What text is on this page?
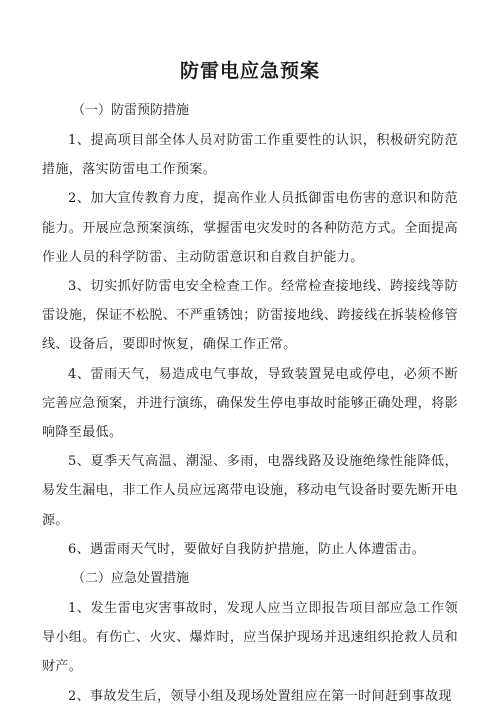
防雷电应急预案

（一）防雷预防措施

1、提高项目部全体人员对防雷工作重要性的认识，积极研究防范措施，落实防雷电工作预案。

2、加大宣传教育力度，提高作业人员抵御雷电伤害的意识和防范能力。开展应急预案演练，掌握雷电灾发时的各种防范方式。全面提高作业人员的科学防雷、主动防雷意识和自救自护能力。

3、切实抓好防雷电安全检查工作。经常检查接地线、跨接线等防雷设施，保证不松脱、不严重锈蚀；防雷接地线、跨接线在拆装检修管线、设备后，要即时恢复，确保工作正常。

4、雷雨天气，易造成电气事故，导致装置晃电或停电，必须不断完善应急预案，并进行演练，确保发生停电事故时能够正确处理，将影响降至最低。

5、夏季天气高温、潮湿、多雨，电器线路及设施绝缘性能降低，易发生漏电，非工作人员应远离带电设施，移动电气设备时要先断开电源。

6、遇雷雨天气时，要做好自我防护措施，防止人体遭雷击。

（二）应急处置措施

1、发生雷电灾害事故时，发现人应当立即报告项目部应急工作领导小组。有伤亡、火灾、爆炸时，应当保护现场并迅速组织抢救人员和财产。

2、事故发生后，领导小组及现场处置组应在第一时间赶到事故现
